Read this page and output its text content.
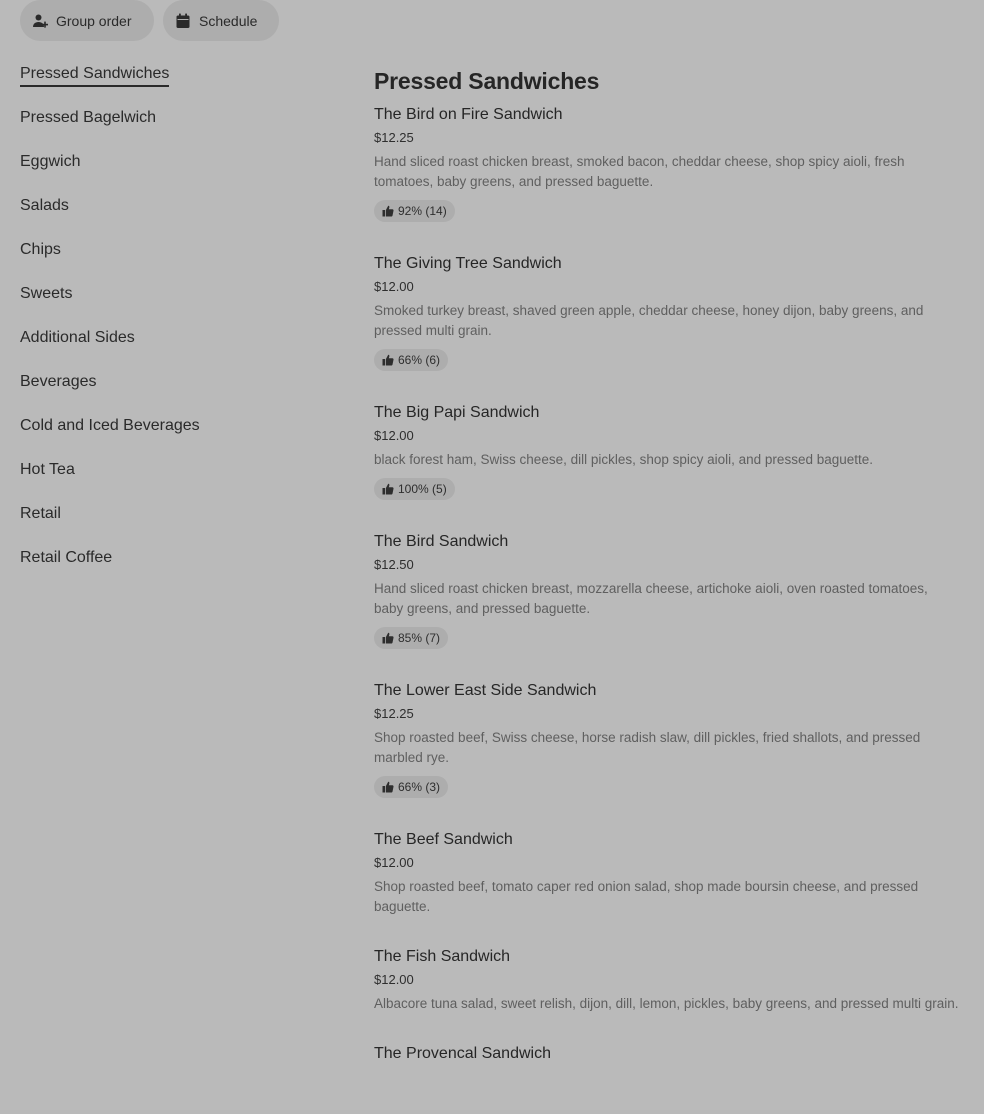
Group order	Schedule
Pressed Sandwiches
Pressed Bagelwich
Eggwich
Salads
Chips
Sweets
Additional Sides
Beverages
Cold and Iced Beverages
Hot Tea
Retail
Retail Coffee
Pressed Sandwiches
The Bird on Fire Sandwich
$12.25
Hand sliced roast chicken breast, smoked bacon, cheddar cheese, shop spicy aioli, fresh tomatoes, baby greens, and pressed baguette.
92% (14)
The Giving Tree Sandwich
$12.00
Smoked turkey breast, shaved green apple, cheddar cheese, honey dijon, baby greens, and pressed multi grain.
66% (6)
The Big Papi Sandwich
$12.00
black forest ham, Swiss cheese, dill pickles, shop spicy aioli, and pressed baguette.
100% (5)
The Bird Sandwich
$12.50
Hand sliced roast chicken breast, mozzarella cheese, artichoke aioli, oven roasted tomatoes, baby greens, and pressed baguette.
85% (7)
The Lower East Side Sandwich
$12.25
Shop roasted beef, Swiss cheese, horse radish slaw, dill pickles, fried shallots, and pressed marbled rye.
66% (3)
The Beef Sandwich
$12.00
Shop roasted beef, tomato caper red onion salad, shop made boursin cheese, and pressed baguette.
The Fish Sandwich
$12.00
Albacore tuna salad, sweet relish, dijon, dill, lemon, pickles, baby greens, and pressed multi grain.
The Provencal Sandwich
